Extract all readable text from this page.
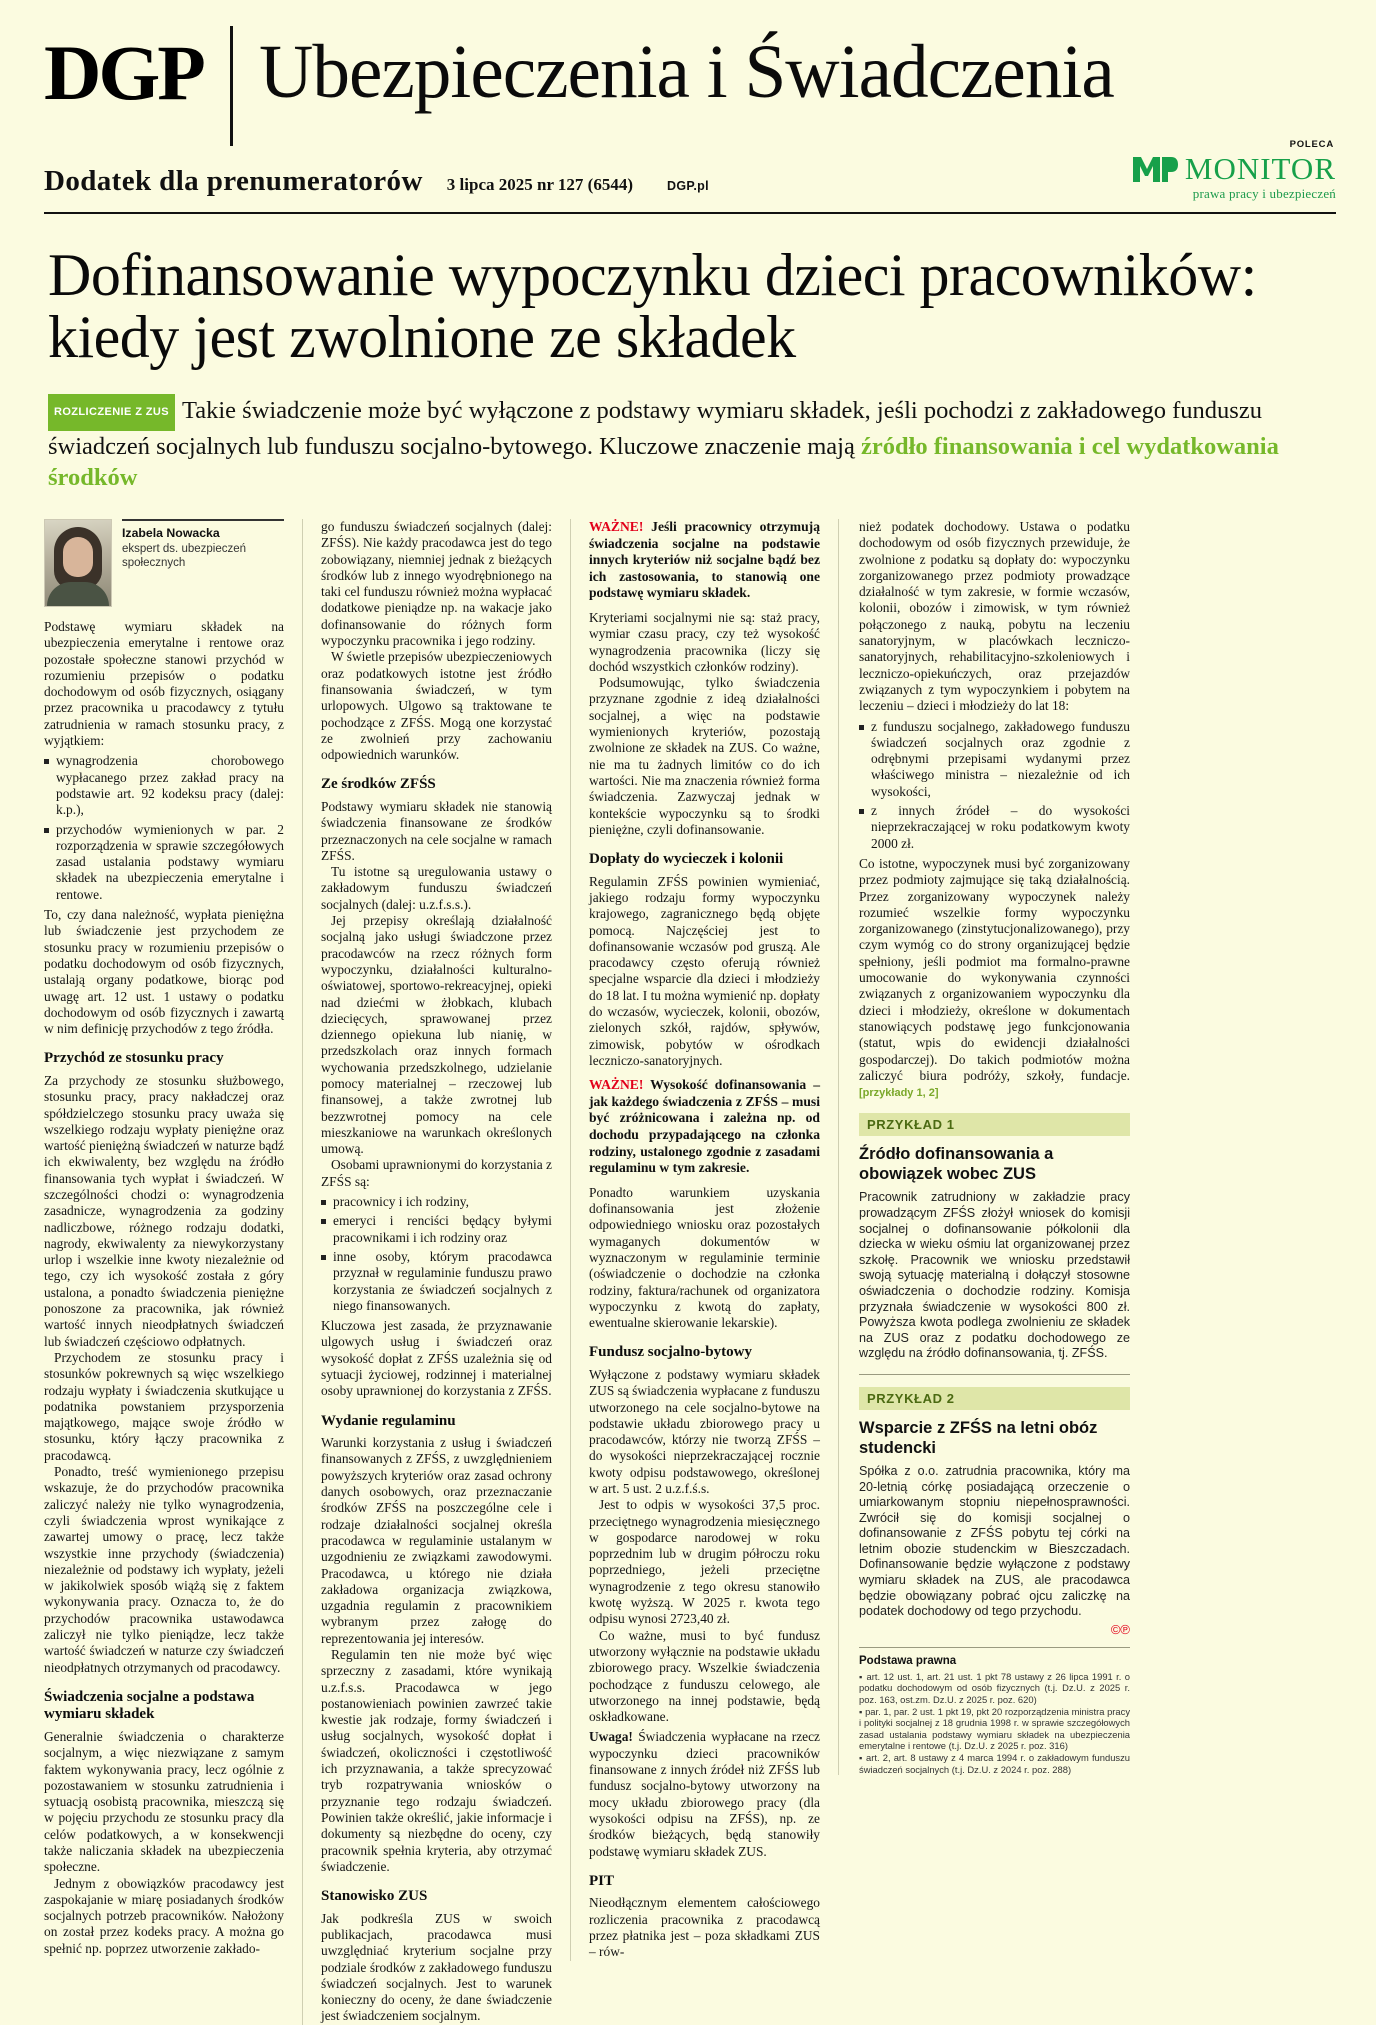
DGP Ubezpieczenia i Świadczenia
Dodatek dla prenumeratorów 3 lipca 2025 nr 127 (6544)	DGP.pl
POLECA
MONITOR
prawa pracy i ubezpieczeń
Dofinansowanie wypoczynku dzieci pracowników: kiedy jest zwolnione ze składek
ROZLICZENIE Z ZUS Takie świadczenie może być wyłączone z podstawy wymiaru składek, jeśli pochodzi z zakładowego funduszu świadczeń socjalnych lub funduszu socjalno-bytowego. Kluczowe znaczenie mają źródło finansowania i cel wydatkowania środków
Izabela Nowacka
ekspert ds. ubezpieczeń społecznych

Podstawę wymiaru składek na ubezpieczenia emerytalne i rentowe oraz pozostałe społeczne stanowi przychód w rozumieniu przepisów o podatku dochodowym od osób fizycznych, osiągany przez pracownika u pracodawcy z tytułu zatrudnienia w ramach stosunku pracy, z wyjątkiem:

wynagrodzenia chorobowego wypłacanego przez zakład pracy na podstawie art. 92 kodeksu pracy (dalej: k.p.),
przychodów wymienionych w par. 2 rozporządzenia w sprawie szczegółowych zasad ustalania podstawy wymiaru składek na ubezpieczenia emerytalne i rentowe.

To, czy dana należność, wypłata pieniężna lub świadczenie jest przychodem ze stosunku pracy w rozumieniu przepisów o podatku dochodowym od osób fizycznych, ustalają organy podatkowe, biorąc pod uwagę art. 12 ust. 1 ustawy o podatku dochodowym od osób fizycznych i zawartą w nim definicję przychodów z tego źródła.

Przychód ze stosunku pracy

Za przychody ze stosunku służbowego, stosunku pracy, pracy nakładczej oraz spółdzielczego stosunku pracy uważa się wszelkiego rodzaju wypłaty pieniężne oraz wartość pieniężną świadczeń w naturze bądź ich ekwiwalenty, bez względu na źródło finansowania tych wypłat i świadczeń. W szczególności chodzi o: wynagrodzenia zasadnicze, wynagrodzenia za godziny nadliczbowe, różnego rodzaju dodatki, nagrody, ekwiwalenty za niewykorzystany urlop i wszelkie inne kwoty niezależnie od tego, czy ich wysokość została z góry ustalona, a ponadto świadczenia pieniężne ponoszone za pracownika, jak również wartość innych nieodpłatnych świadczeń lub świadczeń częściowo odpłatnych.

Przychodem ze stosunku pracy i stosunków pokrewnych są więc wszelkiego rodzaju wypłaty i świadczenia skutkujące u podatnika powstaniem przysporzenia majątkowego, mające swoje źródło w stosunku, który łączy pracownika z pracodawcą.

Ponadto, treść wymienionego przepisu wskazuje, że do przychodów pracownika zaliczyć należy nie tylko wynagrodzenia, czyli świadczenia wprost wynikające z zawartej umowy o pracę, lecz także wszystkie inne przychody (świadczenia) niezależnie od podstawy ich wypłaty, jeżeli w jakikolwiek sposób wiążą się z faktem wykonywania pracy. Oznacza to, że do przychodów pracownika ustawodawca zaliczył nie tylko pieniądze, lecz także wartość świadczeń w naturze czy świadczeń nieodpłatnych otrzymanych od pracodawcy.

Świadczenia socjalne a podstawa wymiaru składek

Generalnie świadczenia o charakterze socjalnym, a więc niezwiązane z samym faktem wykonywania pracy, lecz ogólnie z pozostawaniem w stosunku zatrudnienia i sytuacją osobistą pracownika, mieszczą się w pojęciu przychodu ze stosunku pracy dla celów podatkowych, a w konsekwencji także naliczania składek na ubezpieczenia społeczne.

Jednym z obowiązków pracodawcy jest zaspokajanie w miarę posiadanych środków socjalnych potrzeb pracowników. Nałożony on został przez kodeks pracy. A można go spełnić np. poprzez utworzenie zakłado-

go funduszu świadczeń socjalnych (dalej: ZFŚS). Nie każdy pracodawca jest do tego zobowiązany, niemniej jednak z bieżących środków lub z innego wyodrębnionego na taki cel funduszu również można wypłacać dodatkowe pieniądze np. na wakacje jako dofinansowanie do różnych form wypoczynku pracownika i jego rodziny.

W świetle przepisów ubezpieczeniowych oraz podatkowych istotne jest źródło finansowania świadczeń, w tym urlopowych. Ulgowo są traktowane te pochodzące z ZFŚS. Mogą one korzystać ze zwolnień przy zachowaniu odpowiednich warunków.

Ze środków ZFŚS

Podstawy wymiaru składek nie stanowią świadczenia finansowane ze środków przeznaczonych na cele socjalne w ramach ZFŚS.

Tu istotne są uregulowania ustawy o zakładowym funduszu świadczeń socjalnych (dalej: u.z.f.s.s.).

Jej przepisy określają działalność socjalną jako usługi świadczone przez pracodawców na rzecz różnych form wypoczynku, działalności kulturalno-oświatowej, sportowo-rekreacyjnej, opieki nad dziećmi w żłobkach, klubach dziecięcych, sprawowanej przez dziennego opiekuna lub nianię, w przedszkolach oraz innych formach wychowania przedszkolnego, udzielanie pomocy materialnej – rzeczowej lub finansowej, a także zwrotnej lub bezzwrotnej pomocy na cele mieszkaniowe na warunkach określonych umową.

Osobami uprawnionymi do korzystania z ZFŚS są:

pracownicy i ich rodziny,
emeryci i renciści będący byłymi pracownikami i ich rodziny oraz
inne osoby, którym pracodawca przyznał w regulaminie funduszu prawo korzystania ze świadczeń socjalnych z niego finansowanych.

Kluczowa jest zasada, że przyznawanie ulgowych usług i świadczeń oraz wysokość dopłat z ZFŚS uzależnia się od sytuacji życiowej, rodzinnej i materialnej osoby uprawnionej do korzystania z ZFŚS.

Wydanie regulaminu

Warunki korzystania z usług i świadczeń finansowanych z ZFŚS, z uwzględnieniem powyższych kryteriów oraz zasad ochrony danych osobowych, oraz przeznaczanie środków ZFŚS na poszczególne cele i rodzaje działalności socjalnej określa pracodawca w regulaminie ustalanym w uzgodnieniu ze związkami zawodowymi. Pracodawca, u którego nie działa zakładowa organizacja związkowa, uzgadnia regulamin z pracownikiem wybranym przez załogę do reprezentowania jej interesów.

Regulamin ten nie może być więc sprzeczny z zasadami, które wynikają u.z.f.s.s. Pracodawca w jego postanowieniach powinien zawrzeć takie kwestie jak rodzaje, formy świadczeń i usług socjalnych, wysokość dopłat i świadczeń, okoliczności i częstotliwość ich przyznawania, a także sprecyzować tryb rozpatrywania wniosków o przyznanie tego rodzaju świadczeń. Powinien także określić, jakie informacje i dokumenty są niezbędne do oceny, czy pracownik spełnia kryteria, aby otrzymać świadczenie.

Stanowisko ZUS

Jak podkreśla ZUS w swoich publikacjach, pracodawca musi uwzględniać kryterium socjalne przy podziale środków z zakładowego funduszu świadczeń socjalnych. Jest to warunek konieczny do oceny, że dane świadczenie jest świadczeniem socjalnym.

WAŻNE! Jeśli pracownicy otrzymują świadczenia socjalne na podstawie innych kryteriów niż socjalne bądź bez ich zastosowania, to stanowią one podstawę wymiaru składek.

Kryteriami socjalnymi nie są: staż pracy, wymiar czasu pracy, czy też wysokość wynagrodzenia pracownika (liczy się dochód wszystkich członków rodziny).

Podsumowując, tylko świadczenia przyznane zgodnie z ideą działalności socjalnej, a więc na podstawie wymienionych kryteriów, pozostają zwolnione ze składek na ZUS. Co ważne, nie ma tu żadnych limitów co do ich wartości. Nie ma znaczenia również forma świadczenia. Zazwyczaj jednak w kontekście wypoczynku są to środki pieniężne, czyli dofinansowanie.

Dopłaty do wycieczek i kolonii

Regulamin ZFŚS powinien wymieniać, jakiego rodzaju formy wypoczynku krajowego, zagranicznego będą objęte pomocą. Najczęściej jest to dofinansowanie wczasów pod gruszą. Ale pracodawcy często oferują również specjalne wsparcie dla dzieci i młodzieży do 18 lat. I tu można wymienić np. dopłaty do wczasów, wycieczek, kolonii, obozów, zielonych szkół, rajdów, spływów, zimowisk, pobytów w ośrodkach leczniczo-sanatoryjnych.

WAŻNE! Wysokość dofinansowania – jak każdego świadczenia z ZFŚS – musi być zróżnicowana i zależna np. od dochodu przypadającego na członka rodziny, ustalonego zgodnie z zasadami regulaminu w tym zakresie.

Ponadto warunkiem uzyskania dofinansowania jest złożenie odpowiedniego wniosku oraz pozostałych wymaganych dokumentów w wyznaczonym w regulaminie terminie (oświadczenie o dochodzie na członka rodziny, faktura/rachunek od organizatora wypoczynku z kwotą do zapłaty, ewentualne skierowanie lekarskie).

Fundusz socjalno-bytowy

Wyłączone z podstawy wymiaru składek ZUS są świadczenia wypłacane z funduszu utworzonego na cele socjalno-bytowe na podstawie układu zbiorowego pracy u pracodawców, którzy nie tworzą ZFŚS – do wysokości nieprzekraczającej rocznie kwoty odpisu podstawowego, określonej w art. 5 ust. 2 u.z.f.ś.s.

Jest to odpis w wysokości 37,5 proc. przeciętnego wynagrodzenia miesięcznego w gospodarce narodowej w roku poprzednim lub w drugim półroczu roku poprzedniego, jeżeli przeciętne wynagrodzenie z tego okresu stanowiło kwotę wyższą. W 2025 r. kwota tego odpisu wynosi 2723,40 zł.

Co ważne, musi to być fundusz utworzony wyłącznie na podstawie układu zbiorowego pracy. Wszelkie świadczenia pochodzące z funduszu celowego, ale utworzonego na innej podstawie, będą oskładkowane.

Uwaga! Świadczenia wypłacane na rzecz wypoczynku dzieci pracowników finansowane z innych źródeł niż ZFŚS lub fundusz socjalno-bytowy utworzony na mocy układu zbiorowego pracy (dla wysokości odpisu na ZFŚS), np. ze środków bieżących, będą stanowiły podstawę wymiaru składek ZUS.

PIT

Nieodłącznym elementem całościowego rozliczenia pracownika z pracodawcą przez płatnika jest – poza składkami ZUS – rów-

nież podatek dochodowy. Ustawa o podatku dochodowym od osób fizycznych przewiduje, że zwolnione z podatku są dopłaty do: wypoczynku zorganizowanego przez podmioty prowadzące działalność w tym zakresie, w formie wczasów, kolonii, obozów i zimowisk, w tym również połączonego z nauką, pobytu na leczeniu sanatoryjnym, w placówkach leczniczo-sanatoryjnych, rehabilitacyjno-szkoleniowych i leczniczo-opiekuńczych, oraz przejazdów związanych z tym wypoczynkiem i pobytem na leczeniu – dzieci i młodzieży do lat 18:

z funduszu socjalnego, zakładowego funduszu świadczeń socjalnych oraz zgodnie z odrębnymi przepisami wydanymi przez właściwego ministra – niezależnie od ich wysokości,
z innych źródeł – do wysokości nieprzekraczającej w roku podatkowym kwoty 2000 zł.

Co istotne, wypoczynek musi być zorganizowany przez podmioty zajmujące się taką działalnością. Przez zorganizowany wypoczynek należy rozumieć wszelkie formy wypoczynku zorganizowanego (zinstytucjonalizowanego), przy czym wymóg co do strony organizującej będzie spełniony, jeśli podmiot ma formalno-prawne umocowanie do wykonywania czynności związanych z organizowaniem wypoczynku dla dzieci i młodzieży, określone w dokumentach stanowiących podstawę jego funkcjonowania (statut, wpis do ewidencji działalności gospodarczej). Do takich podmiotów można zaliczyć biura podróży, szkoły, fundacje. [przykłady 1, 2]

PRZYKŁAD 1
Źródło dofinansowania a obowiązek wobec ZUS
Pracownik zatrudniony w zakładzie pracy prowadzącym ZFŚS złożył wniosek do komisji socjalnej o dofinansowanie półkolonii dla dziecka w wieku ośmiu lat organizowanej przez szkołę. Pracownik we wniosku przedstawił swoją sytuację materialną i dołączył stosowne oświadczenia o dochodzie rodziny. Komisja przyznała świadczenie w wysokości 800 zł. Powyższa kwota podlega zwolnieniu ze składek na ZUS oraz z podatku dochodowego ze względu na źródło dofinansowania, tj. ZFŚS.
PRZYKŁAD 2
Wsparcie z ZFŚS na letni obóz studencki
Spółka z o.o. zatrudnia pracownika, który ma 20-letnią córkę posiadającą orzeczenie o umiarkowanym stopniu niepełnosprawności. Zwrócił się do komisji socjalnej o dofinansowanie z ZFŚS pobytu tej córki na letnim obozie studenckim w Bieszczadach. Dofinansowanie będzie wyłączone z podstawy wymiaru składek na ZUS, ale pracodawca będzie obowiązany pobrać ojcu zaliczkę na podatek dochodowy od tego przychodu.
©℗
Podstawa prawna
▪ art. 12 ust. 1, art. 21 ust. 1 pkt 78 ustawy z 26 lipca 1991 r. o podatku dochodowym od osób fizycznych (t.j. Dz.U. z 2025 r. poz. 163, ost.zm. Dz.U. z 2025 r. poz. 620)
▪ par. 1, par. 2 ust. 1 pkt 19, pkt 20 rozporządzenia ministra pracy i polityki socjalnej z 18 grudnia 1998 r. w sprawie szczegółowych zasad ustalania podstawy wymiaru składek na ubezpieczenia emerytalne i rentowe (t.j. Dz.U. z 2025 r. poz. 316)
▪ art. 2, art. 8 ustawy z 4 marca 1994 r. o zakładowym funduszu świadczeń socjalnych (t.j. Dz.U. z 2024 r. poz. 288)
